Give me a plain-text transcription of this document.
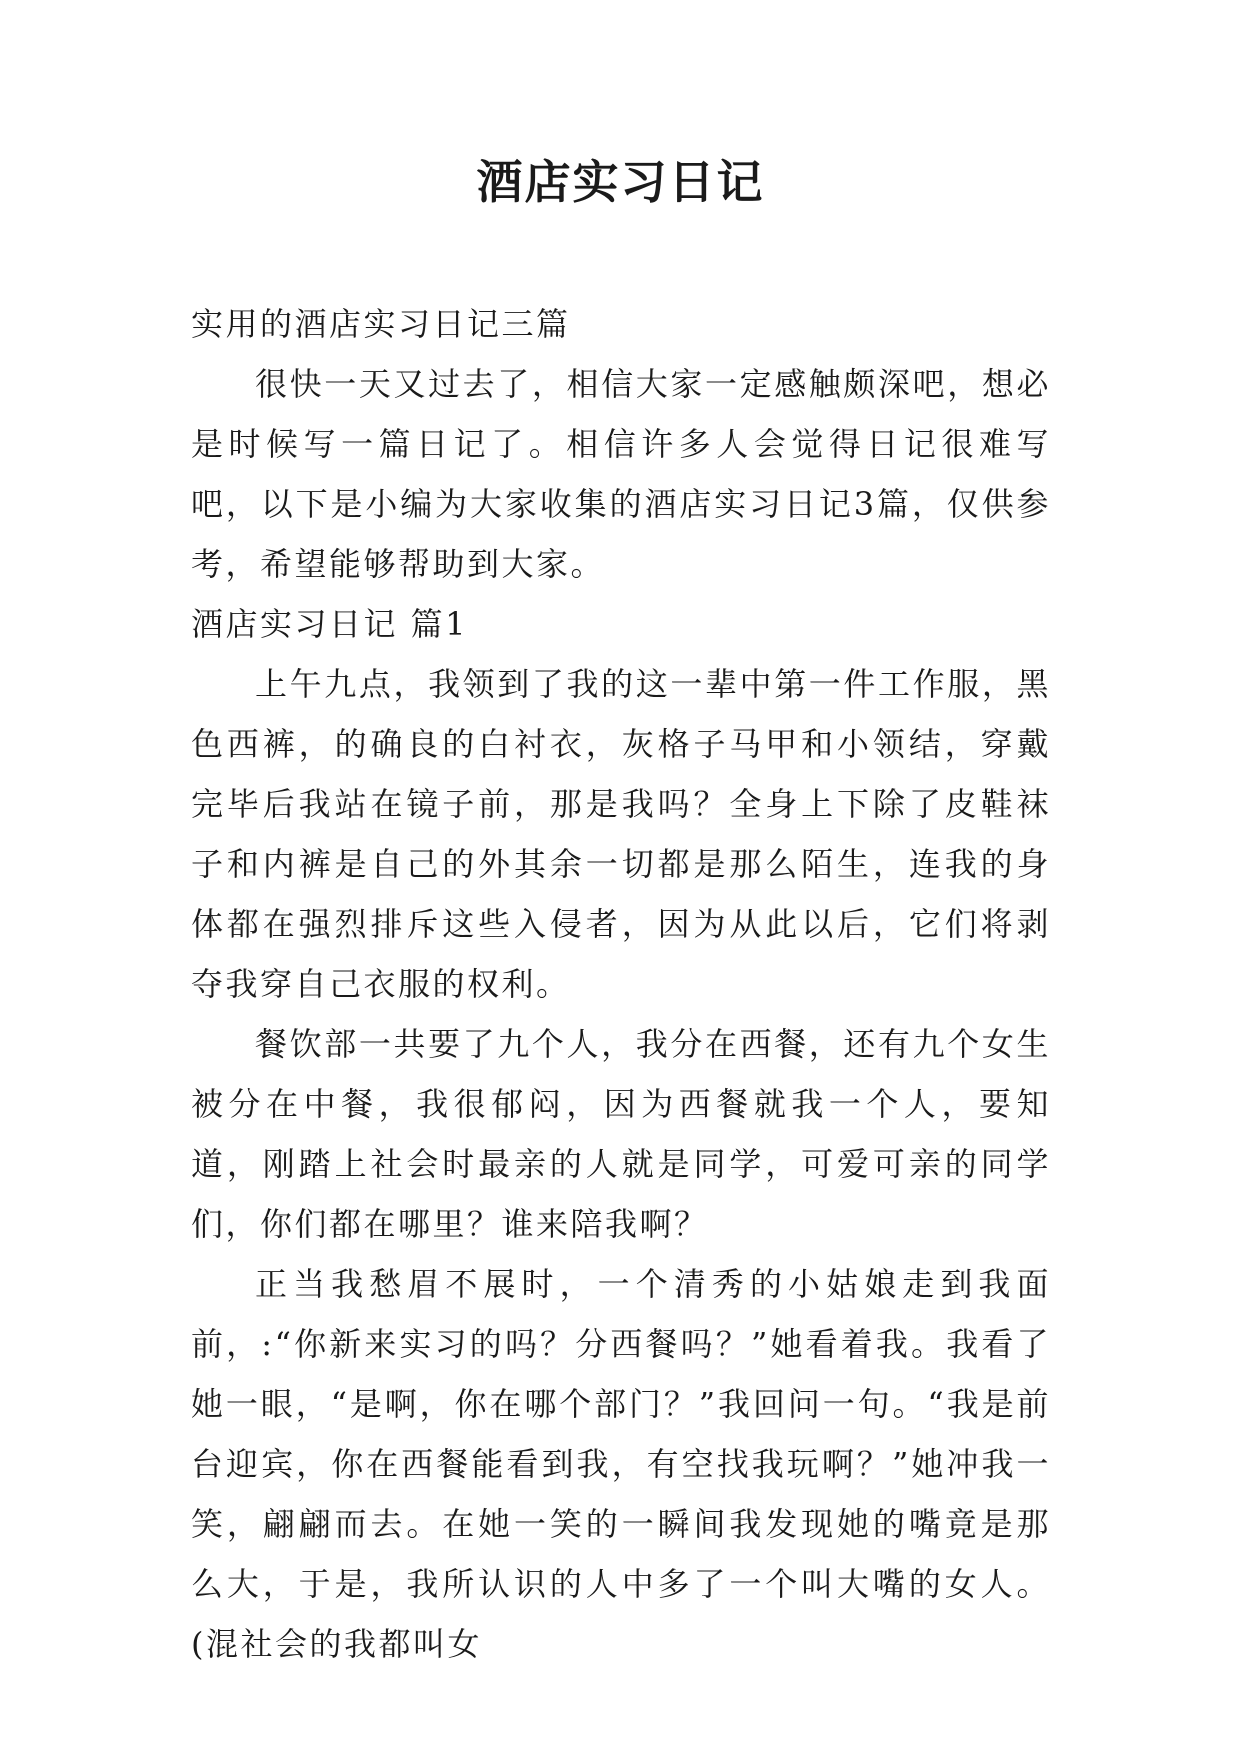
酒店实习日记

实用的酒店实习日记三篇

很快一天又过去了，相信大家一定感触颇深吧，想必是时候写一篇日记了。相信许多人会觉得日记很难写吧，以下是小编为大家收集的酒店实习日记3篇，仅供参考，希望能够帮助到大家。

酒店实习日记 篇1

上午九点，我领到了我的这一辈中第一件工作服，黑色西裤，的确良的白衬衣，灰格子马甲和小领结，穿戴完毕后我站在镜子前，那是我吗？全身上下除了皮鞋袜子和内裤是自己的外其余一切都是那么陌生，连我的身体都在强烈排斥这些入侵者，因为从此以后，它们将剥夺我穿自己衣服的权利。

餐饮部一共要了九个人，我分在西餐，还有九个女生被分在中餐，我很郁闷，因为西餐就我一个人，要知道，刚踏上社会时最亲的人就是同学，可爱可亲的同学们，你们都在哪里？谁来陪我啊？

正当我愁眉不展时，一个清秀的小姑娘走到我面前，:“你新来实习的吗？分西餐吗？”她看着我。我看了她一眼，“是啊，你在哪个部门？”我回问一句。“我是前台迎宾，你在西餐能看到我，有空找我玩啊？”她冲我一笑，翩翩而去。在她一笑的一瞬间我发现她的嘴竟是那么大，于是，我所认识的人中多了一个叫大嘴的女人。(混社会的我都叫女
